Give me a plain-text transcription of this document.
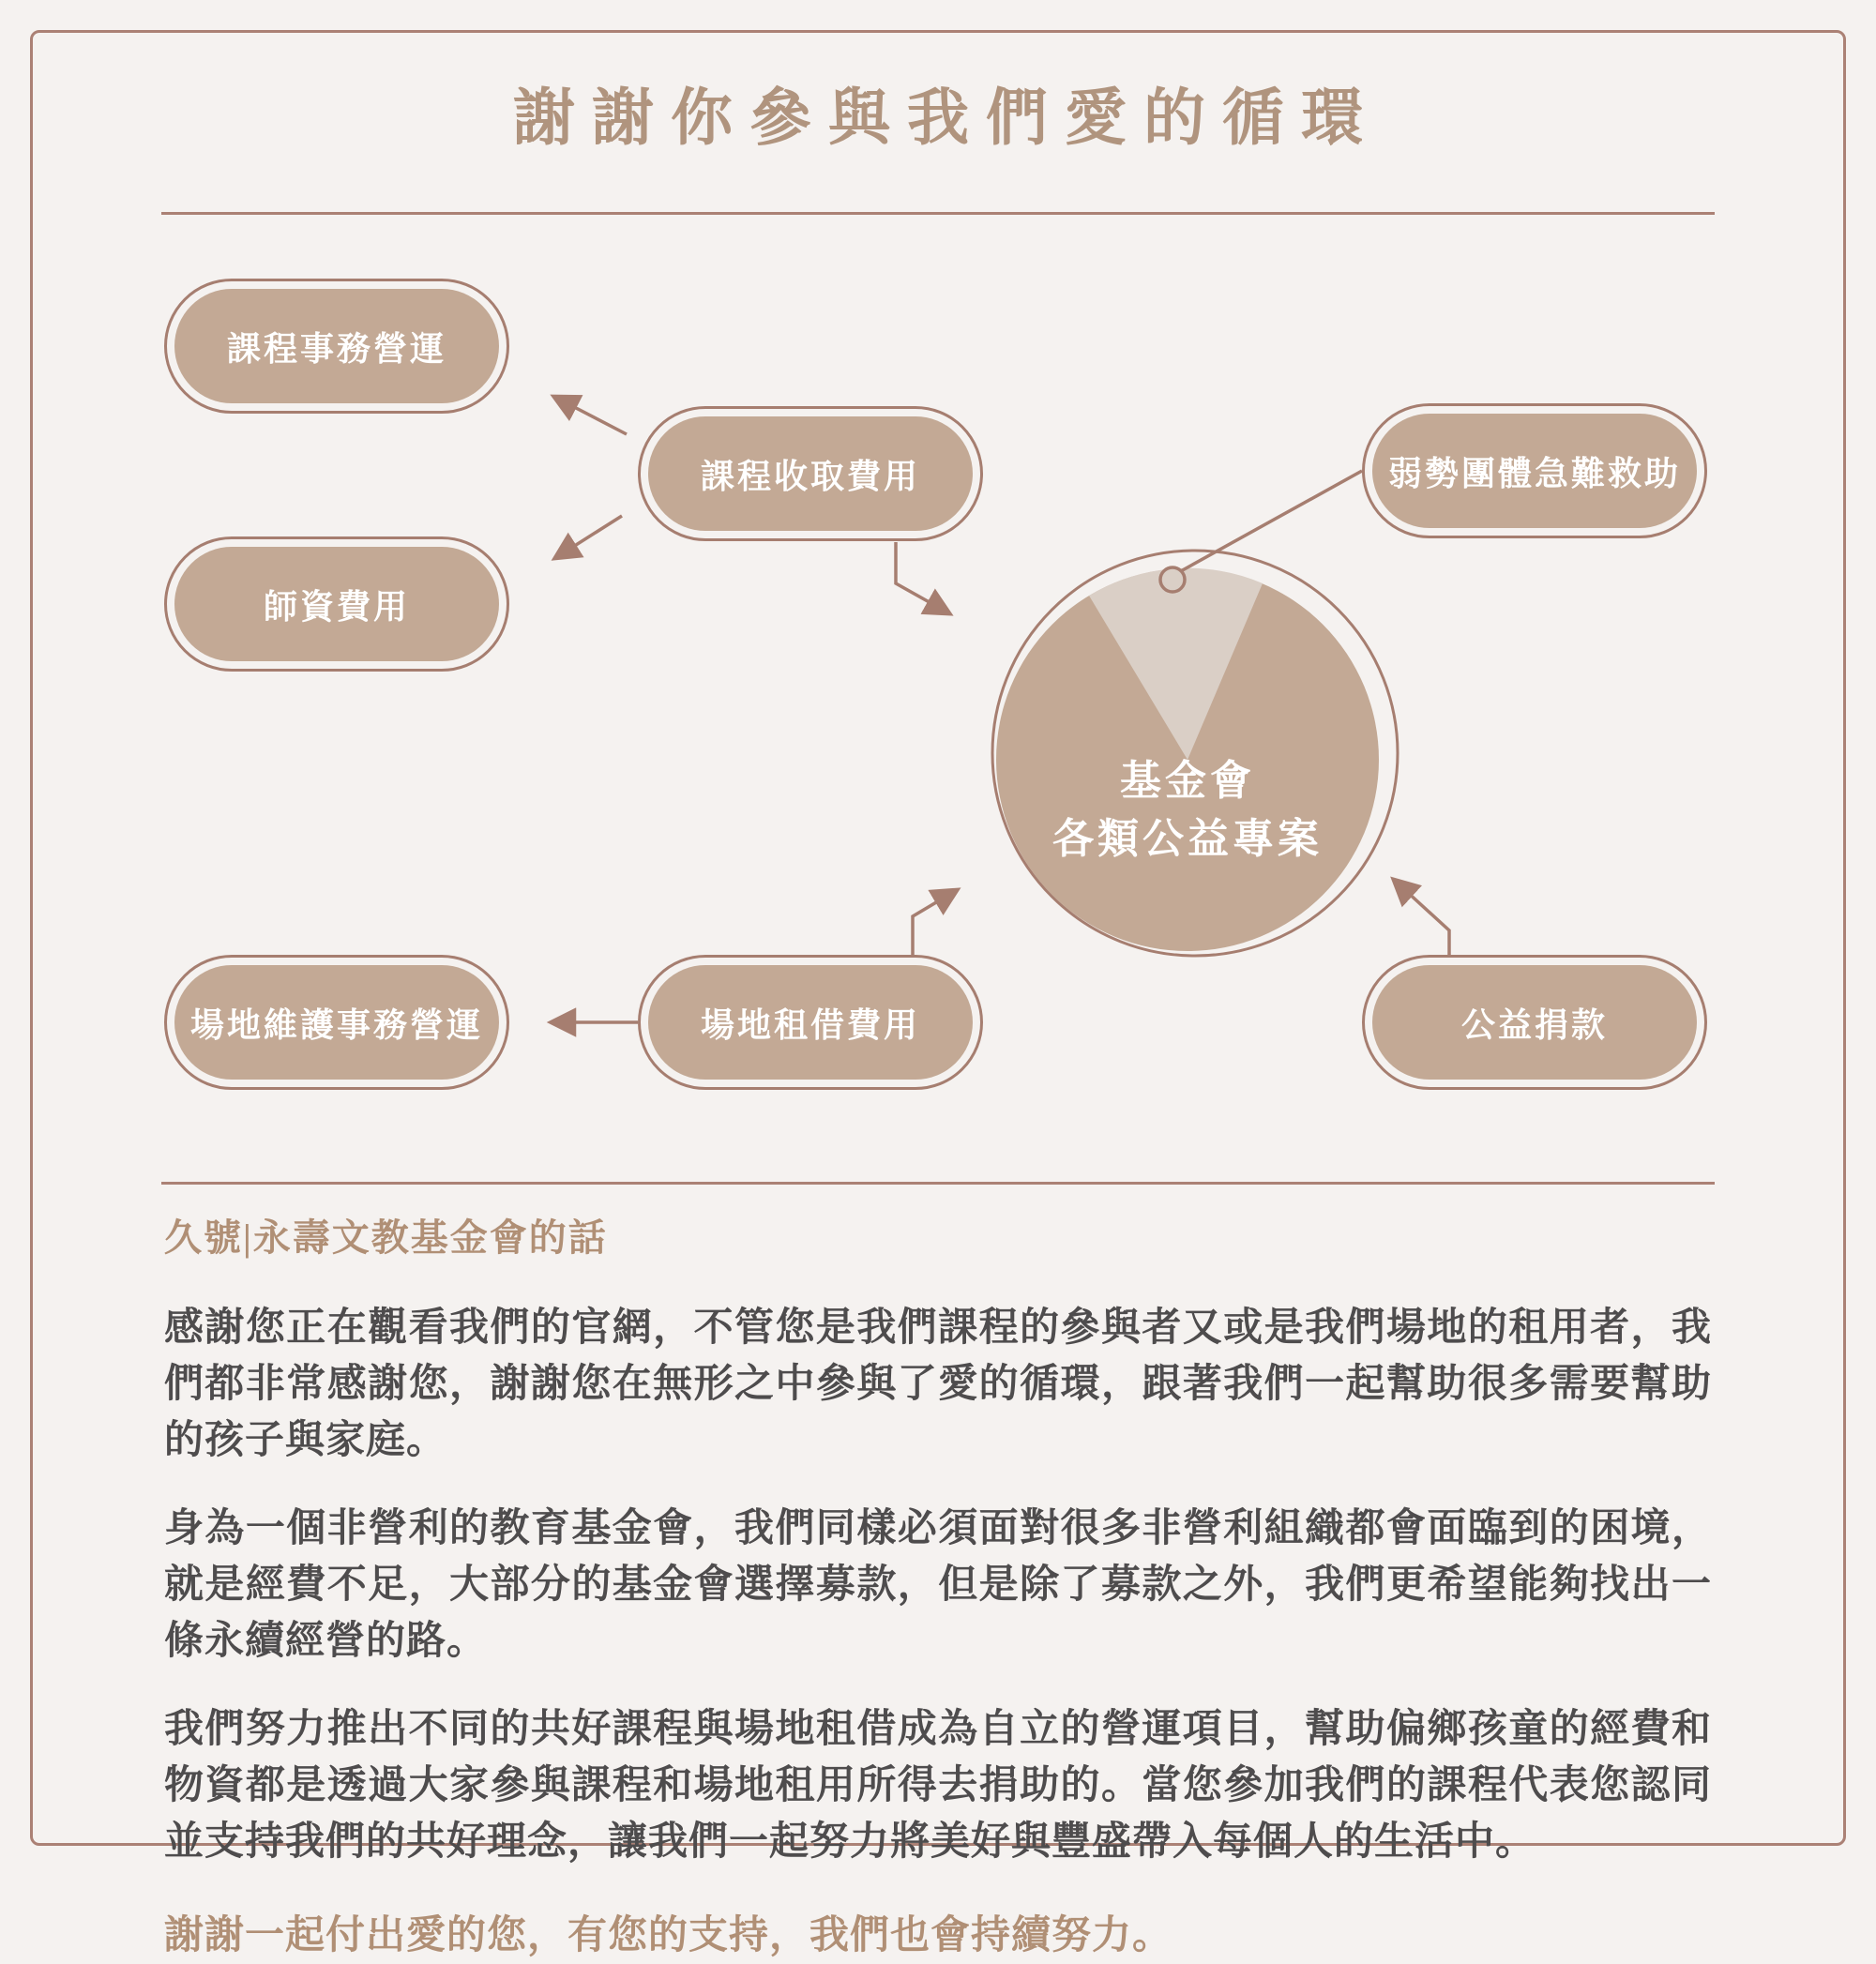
謝謝你參與我們愛的循環
課程事務營運
課程收取費用
師資費用
弱勢團體急難救助
場地維護事務營運	場地租借費用	公益捐款
基金會
各類公益專案
久號|永壽文教基金會的話

感謝您正在觀看我們的官網，不管您是我們課程的參與者又或是我們場地的租用者，我們都非常感謝您，謝謝您在無形之中參與了愛的循環，跟著我們一起幫助很多需要幫助的孩子與家庭。

身為一個非營利的教育基金會，我們同樣必須面對很多非營利組織都會面臨到的困境，就是經費不足，大部分的基金會選擇募款，但是除了募款之外，我們更希望能夠找出一條永續經營的路。

我們努力推出不同的共好課程與場地租借成為自立的營運項目，幫助偏鄉孩童的經費和物資都是透過大家參與課程和場地租用所得去捐助的。當您參加我們的課程代表您認同並支持我們的共好理念，讓我們一起努力將美好與豐盛帶入每個人的生活中。

謝謝一起付出愛的您，有您的支持，我們也會持續努力。
